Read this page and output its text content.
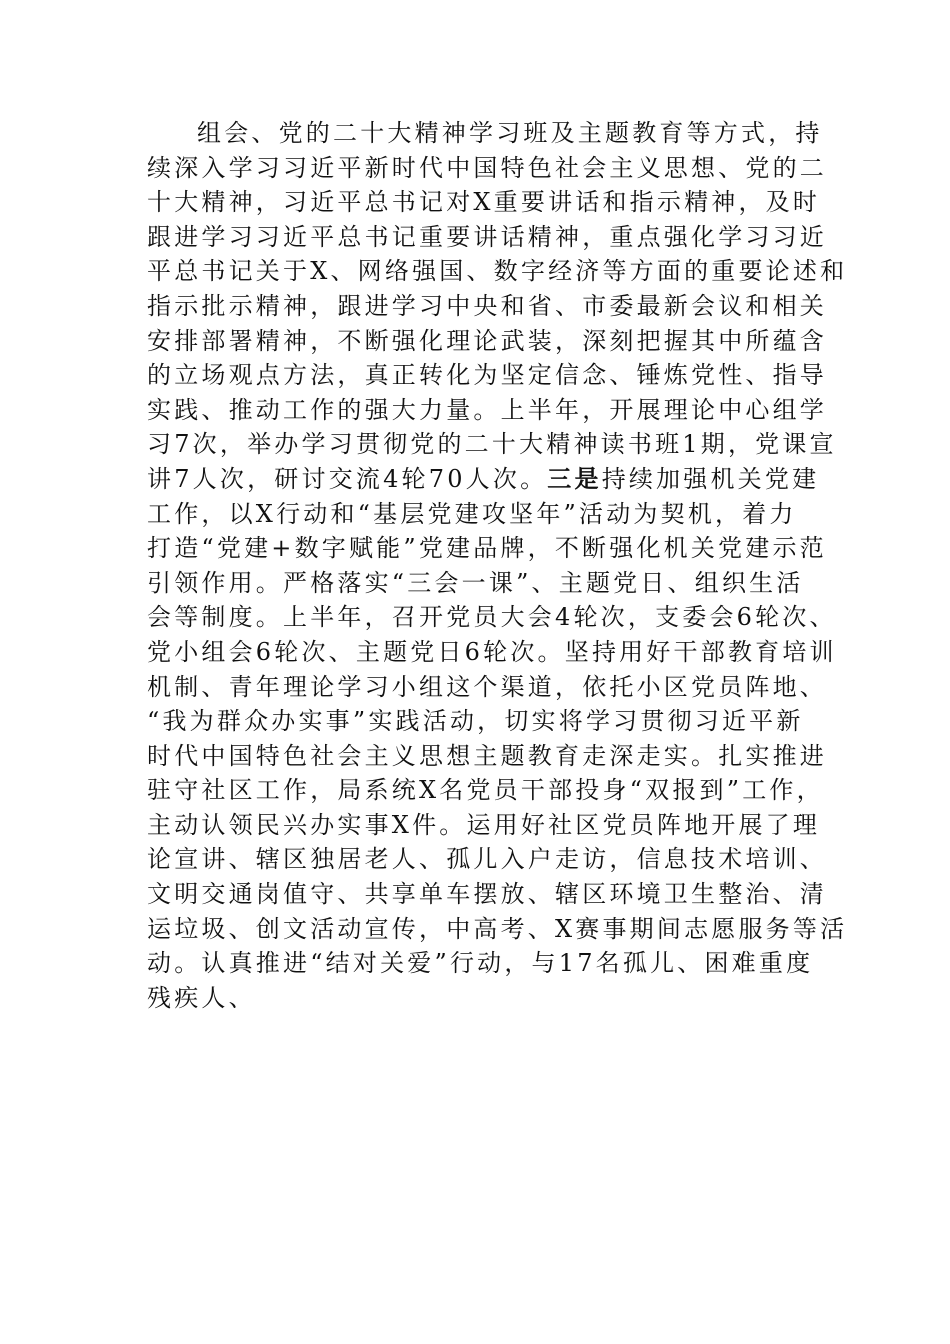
组会、党的二十大精神学习班及主题教育等方式，持
续深入学习习近平新时代中国特色社会主义思想、党的二
十大精神，习近平总书记对X重要讲话和指示精神，及时
跟进学习习近平总书记重要讲话精神，重点强化学习习近
平总书记关于X、网络强国、数字经济等方面的重要论述和
指示批示精神，跟进学习中央和省、市委最新会议和相关
安排部署精神，不断强化理论武装，深刻把握其中所蕴含
的立场观点方法，真正转化为坚定信念、锤炼党性、指导
实践、推动工作的强大力量。上半年，开展理论中心组学
习7次，举办学习贯彻党的二十大精神读书班1期，党课宣
讲7人次，研讨交流4轮70人次。三是持续加强机关党建
工作，以X行动和“基层党建攻坚年”活动为契机，着力
打造“党建+数字赋能”党建品牌，不断强化机关党建示范
引领作用。严格落实“三会一课”、主题党日、组织生活
会等制度。上半年，召开党员大会4轮次，支委会6轮次、
党小组会6轮次、主题党日6轮次。坚持用好干部教育培训
机制、青年理论学习小组这个渠道，依托小区党员阵地、
“我为群众办实事”实践活动，切实将学习贯彻习近平新
时代中国特色社会主义思想主题教育走深走实。扎实推进
驻守社区工作，局系统X名党员干部投身“双报到”工作，
主动认领民兴办实事X件。运用好社区党员阵地开展了理
论宣讲、辖区独居老人、孤儿入户走访，信息技术培训、
文明交通岗值守、共享单车摆放、辖区环境卫生整治、清
运垃圾、创文活动宣传，中高考、X赛事期间志愿服务等活
动。认真推进“结对关爱”行动，与17名孤儿、困难重度
残疾人、
